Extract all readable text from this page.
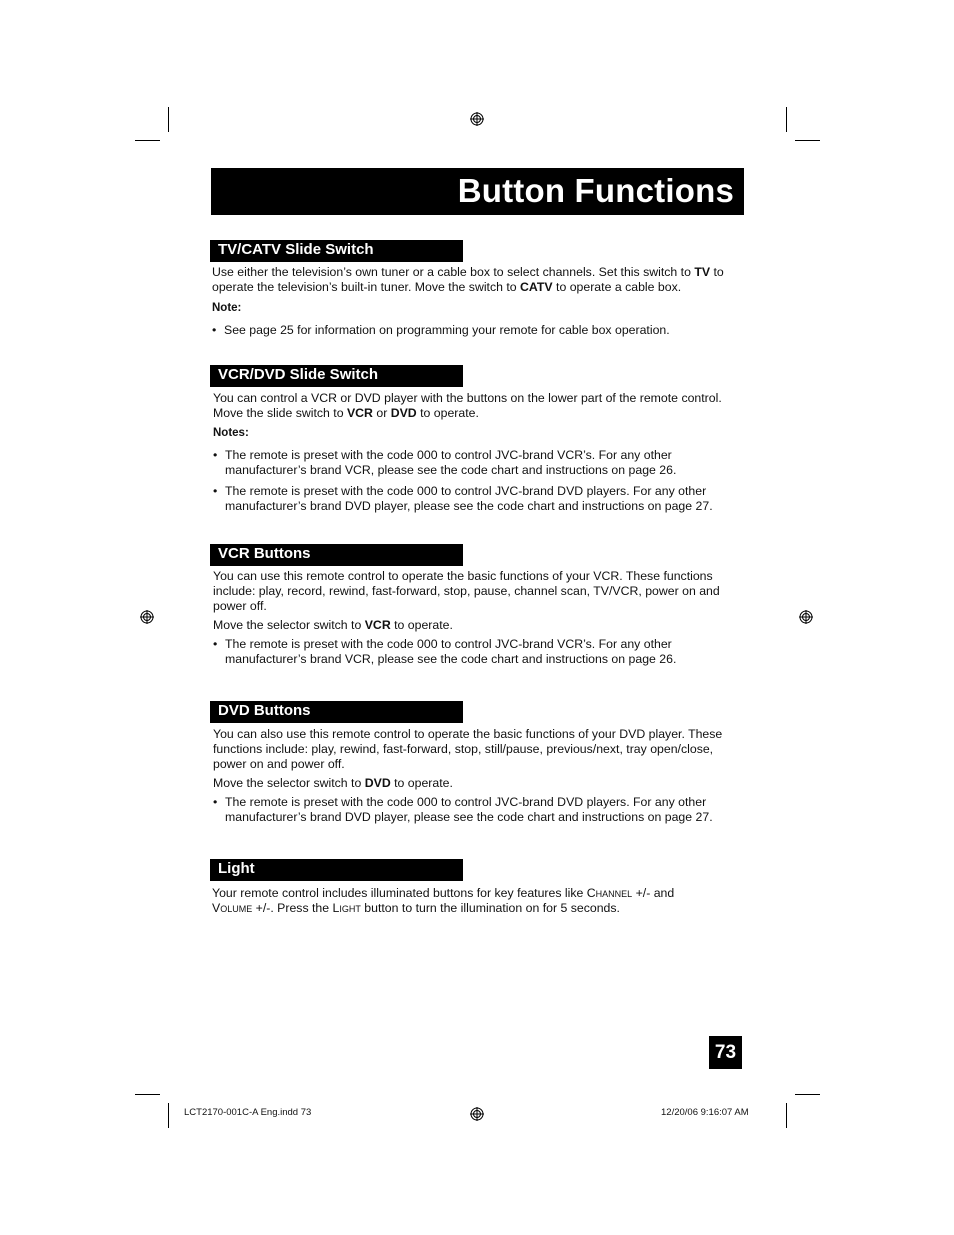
Button Functions
TV/CATV Slide Switch
Use either the television’s own tuner or a cable box to select channels. Set this switch to TV to
operate the television’s built-in tuner. Move the switch to CATV to operate a cable box.
Note:
• See page 25 for information on programming your remote for cable box operation.
VCR/DVD Slide Switch
You can control a VCR or DVD player with the buttons on the lower part of the remote control.
Move the slide switch to VCR or DVD to operate.
Notes:
• The remote is preset with the code 000 to control JVC-brand VCR’s. For any other manufacturer’s brand VCR, please see the code chart and instructions on page 26.
• The remote is preset with the code 000 to control JVC-brand DVD players. For any other manufacturer’s brand DVD player, please see the code chart and instructions on page 27.
VCR Buttons
You can use this remote control to operate the basic functions of your VCR. These functions include: play, record, rewind, fast-forward, stop, pause, channel scan, TV/VCR, power on and power off.
Move the selector switch to VCR to operate.
• The remote is preset with the code 000 to control JVC-brand VCR’s. For any other manufacturer’s brand VCR, please see the code chart and instructions on page 26.
DVD Buttons
You can also use this remote control to operate the basic functions of your DVD player. These functions include: play, rewind, fast-forward, stop, still/pause, previous/next, tray open/close, power on and power off.
Move the selector switch to DVD to operate.
• The remote is preset with the code 000 to control JVC-brand DVD players. For any other manufacturer’s brand DVD player, please see the code chart and instructions on page 27.
Light
Your remote control includes illuminated buttons for key features like Channel +/- and
Volume +/-. Press the Light button to turn the illumination on for 5 seconds.
73
LCT2170-001C-A Eng.indd 73	12/20/06 9:16:07 AM
